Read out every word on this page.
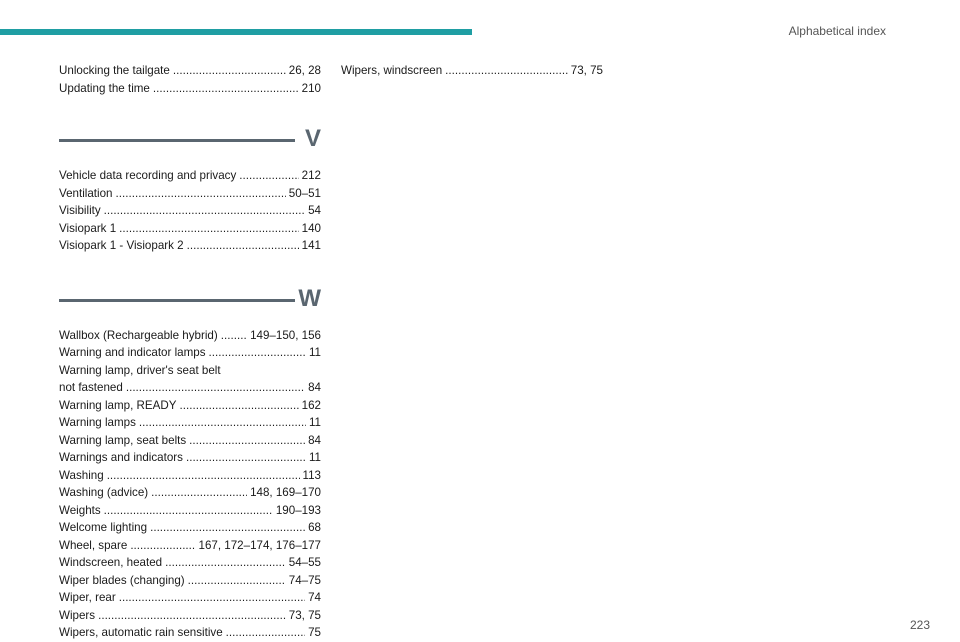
Alphabetical index
Unlocking the tailgate . . .	26, 28
Updating the time . . .	210
V
Vehicle data recording and privacy . . .	212
Ventilation . . .	50–51
Visibility . . .	54
Visiopark 1 . . .	140
Visiopark 1 - Visiopark 2 . . .	141
W
Wallbox (Rechargeable hybrid) . . .	149–150, 156
Warning and indicator lamps . . .	11
Warning lamp, driver's seat belt
not fastened . . .	84
Warning lamp, READY . . .	162
Warning lamps . . .	11
Warning lamp, seat belts . . .	84
Warnings and indicators . . .	11
Washing . . .	113
Washing (advice) . . .	148, 169–170
Weights . . .	190–193
Welcome lighting . . .	68
Wheel, spare . . .	167, 172–174, 176–177
Windscreen, heated . . .	54–55
Wiper blades (changing) . . .	74–75
Wiper, rear . . .	74
Wipers . . .	73, 75
Wipers, automatic rain sensitive . . .	75
Wipers, windscreen . . .	73, 75
223
